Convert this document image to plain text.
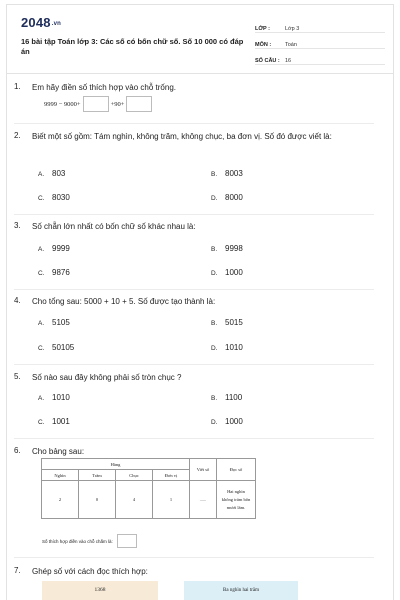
2048.vn
16 bài tập Toán lớp 3: Các số có bốn chữ số. Số 10 000 có đáp án
LỚP :	Lớp 3
MÔN :	Toán
SỐ CÂU : 16
1.	Em hãy điền số thích hợp vào chỗ trống.
9999 − 9000+	+90+
2.	Biết một số gồm: Tám nghìn, không trăm, không chục, ba đơn vị. Số đó được viết là:
A. 803	B. 8003
C. 8030	D. 8000
3.	Số chẵn lớn nhất có bốn chữ số khác nhau là:
A. 9999	B. 9998
C. 9876	D. 1000
4.	Cho tổng sau: 5000 + 10 + 5. Số được tạo thành là:
A. 5105	B. 5015
C. 50105	D. 1010
5.	Số nào sau đây không phải số tròn chục ?
A. 1010	B. 1100
C. 1001	D. 1000
6.	Cho bảng sau:
Hàng				Viết số	Đọc số
Nghìn	Trăm	Chục	Đơn vị		
2	0	4	1	......	Hai nghìn
không trăm bốn
mươi lăm.
Số thích hợp điền vào chỗ chấm là:
7.	Ghép số với cách đọc thích hợp:
1368	Ba nghìn hai trăm
